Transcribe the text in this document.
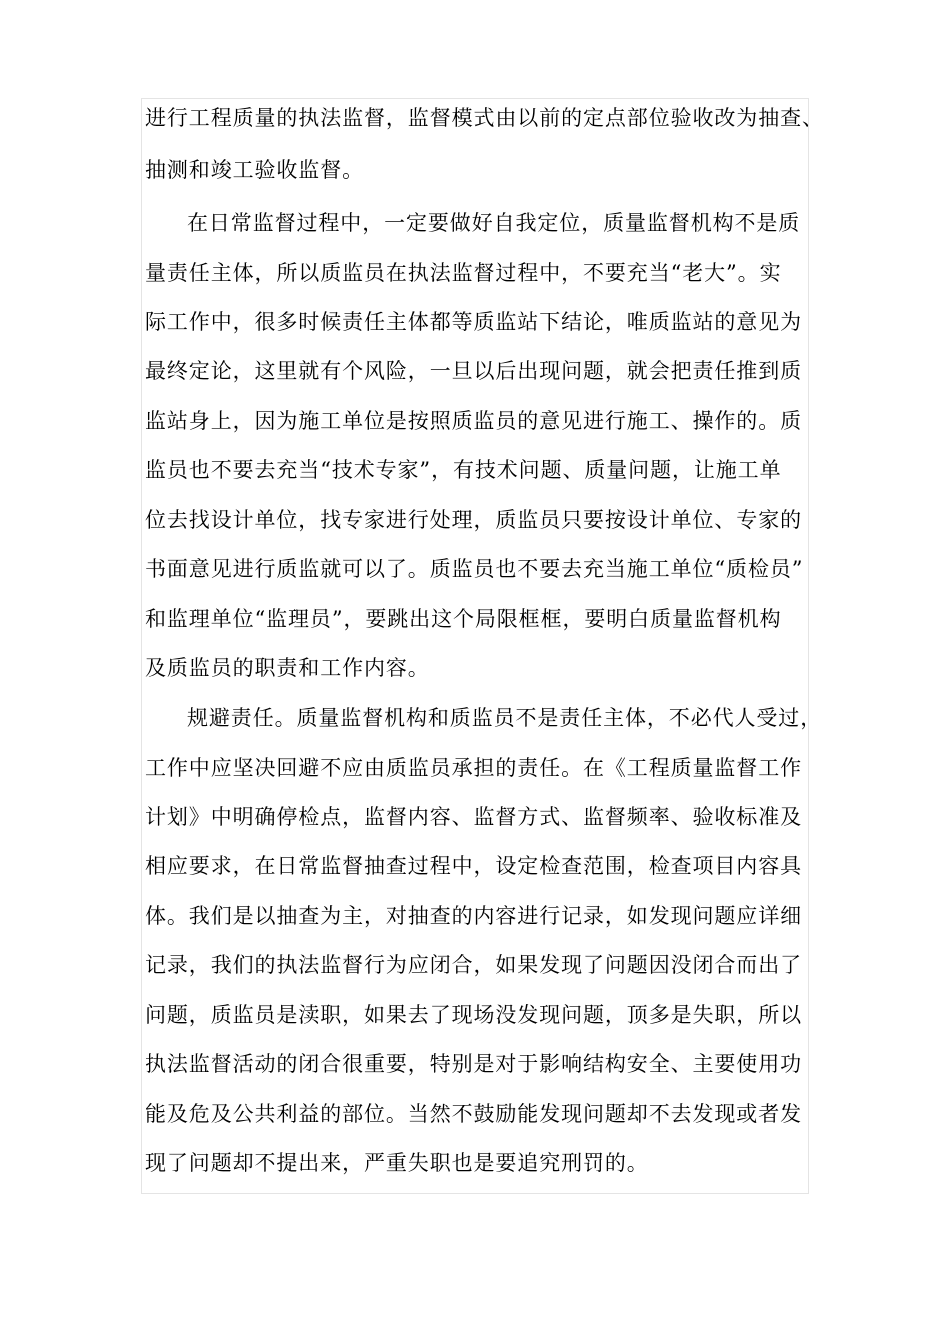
进行工程质量的执法监督，监督模式由以前的定点部位验收改为抽查、
抽测和竣工验收监督。
在日常监督过程中，一定要做好自我定位，质量监督机构不是质
量责任主体，所以质监员在执法监督过程中，不要充当“老大”。实
际工作中，很多时候责任主体都等质监站下结论，唯质监站的意见为
最终定论，这里就有个风险，一旦以后出现问题，就会把责任推到质
监站身上，因为施工单位是按照质监员的意见进行施工、操作的。质
监员也不要去充当“技术专家”，有技术问题、质量问题，让施工单
位去找设计单位，找专家进行处理，质监员只要按设计单位、专家的
书面意见进行质监就可以了。质监员也不要去充当施工单位“质检员”
和监理单位“监理员”，要跳出这个局限框框，要明白质量监督机构
及质监员的职责和工作内容。
规避责任。质量监督机构和质监员不是责任主体，不必代人受过，
工作中应坚决回避不应由质监员承担的责任。在《工程质量监督工作
计划》中明确停检点，监督内容、监督方式、监督频率、验收标准及
相应要求，在日常监督抽查过程中，设定检查范围，检查项目内容具
体。我们是以抽查为主，对抽查的内容进行记录，如发现问题应详细
记录，我们的执法监督行为应闭合，如果发现了问题因没闭合而出了
问题，质监员是渎职，如果去了现场没发现问题，顶多是失职，所以
执法监督活动的闭合很重要，特别是对于影响结构安全、主要使用功
能及危及公共利益的部位。当然不鼓励能发现问题却不去发现或者发
现了问题却不提出来，严重失职也是要追究刑罚的。
